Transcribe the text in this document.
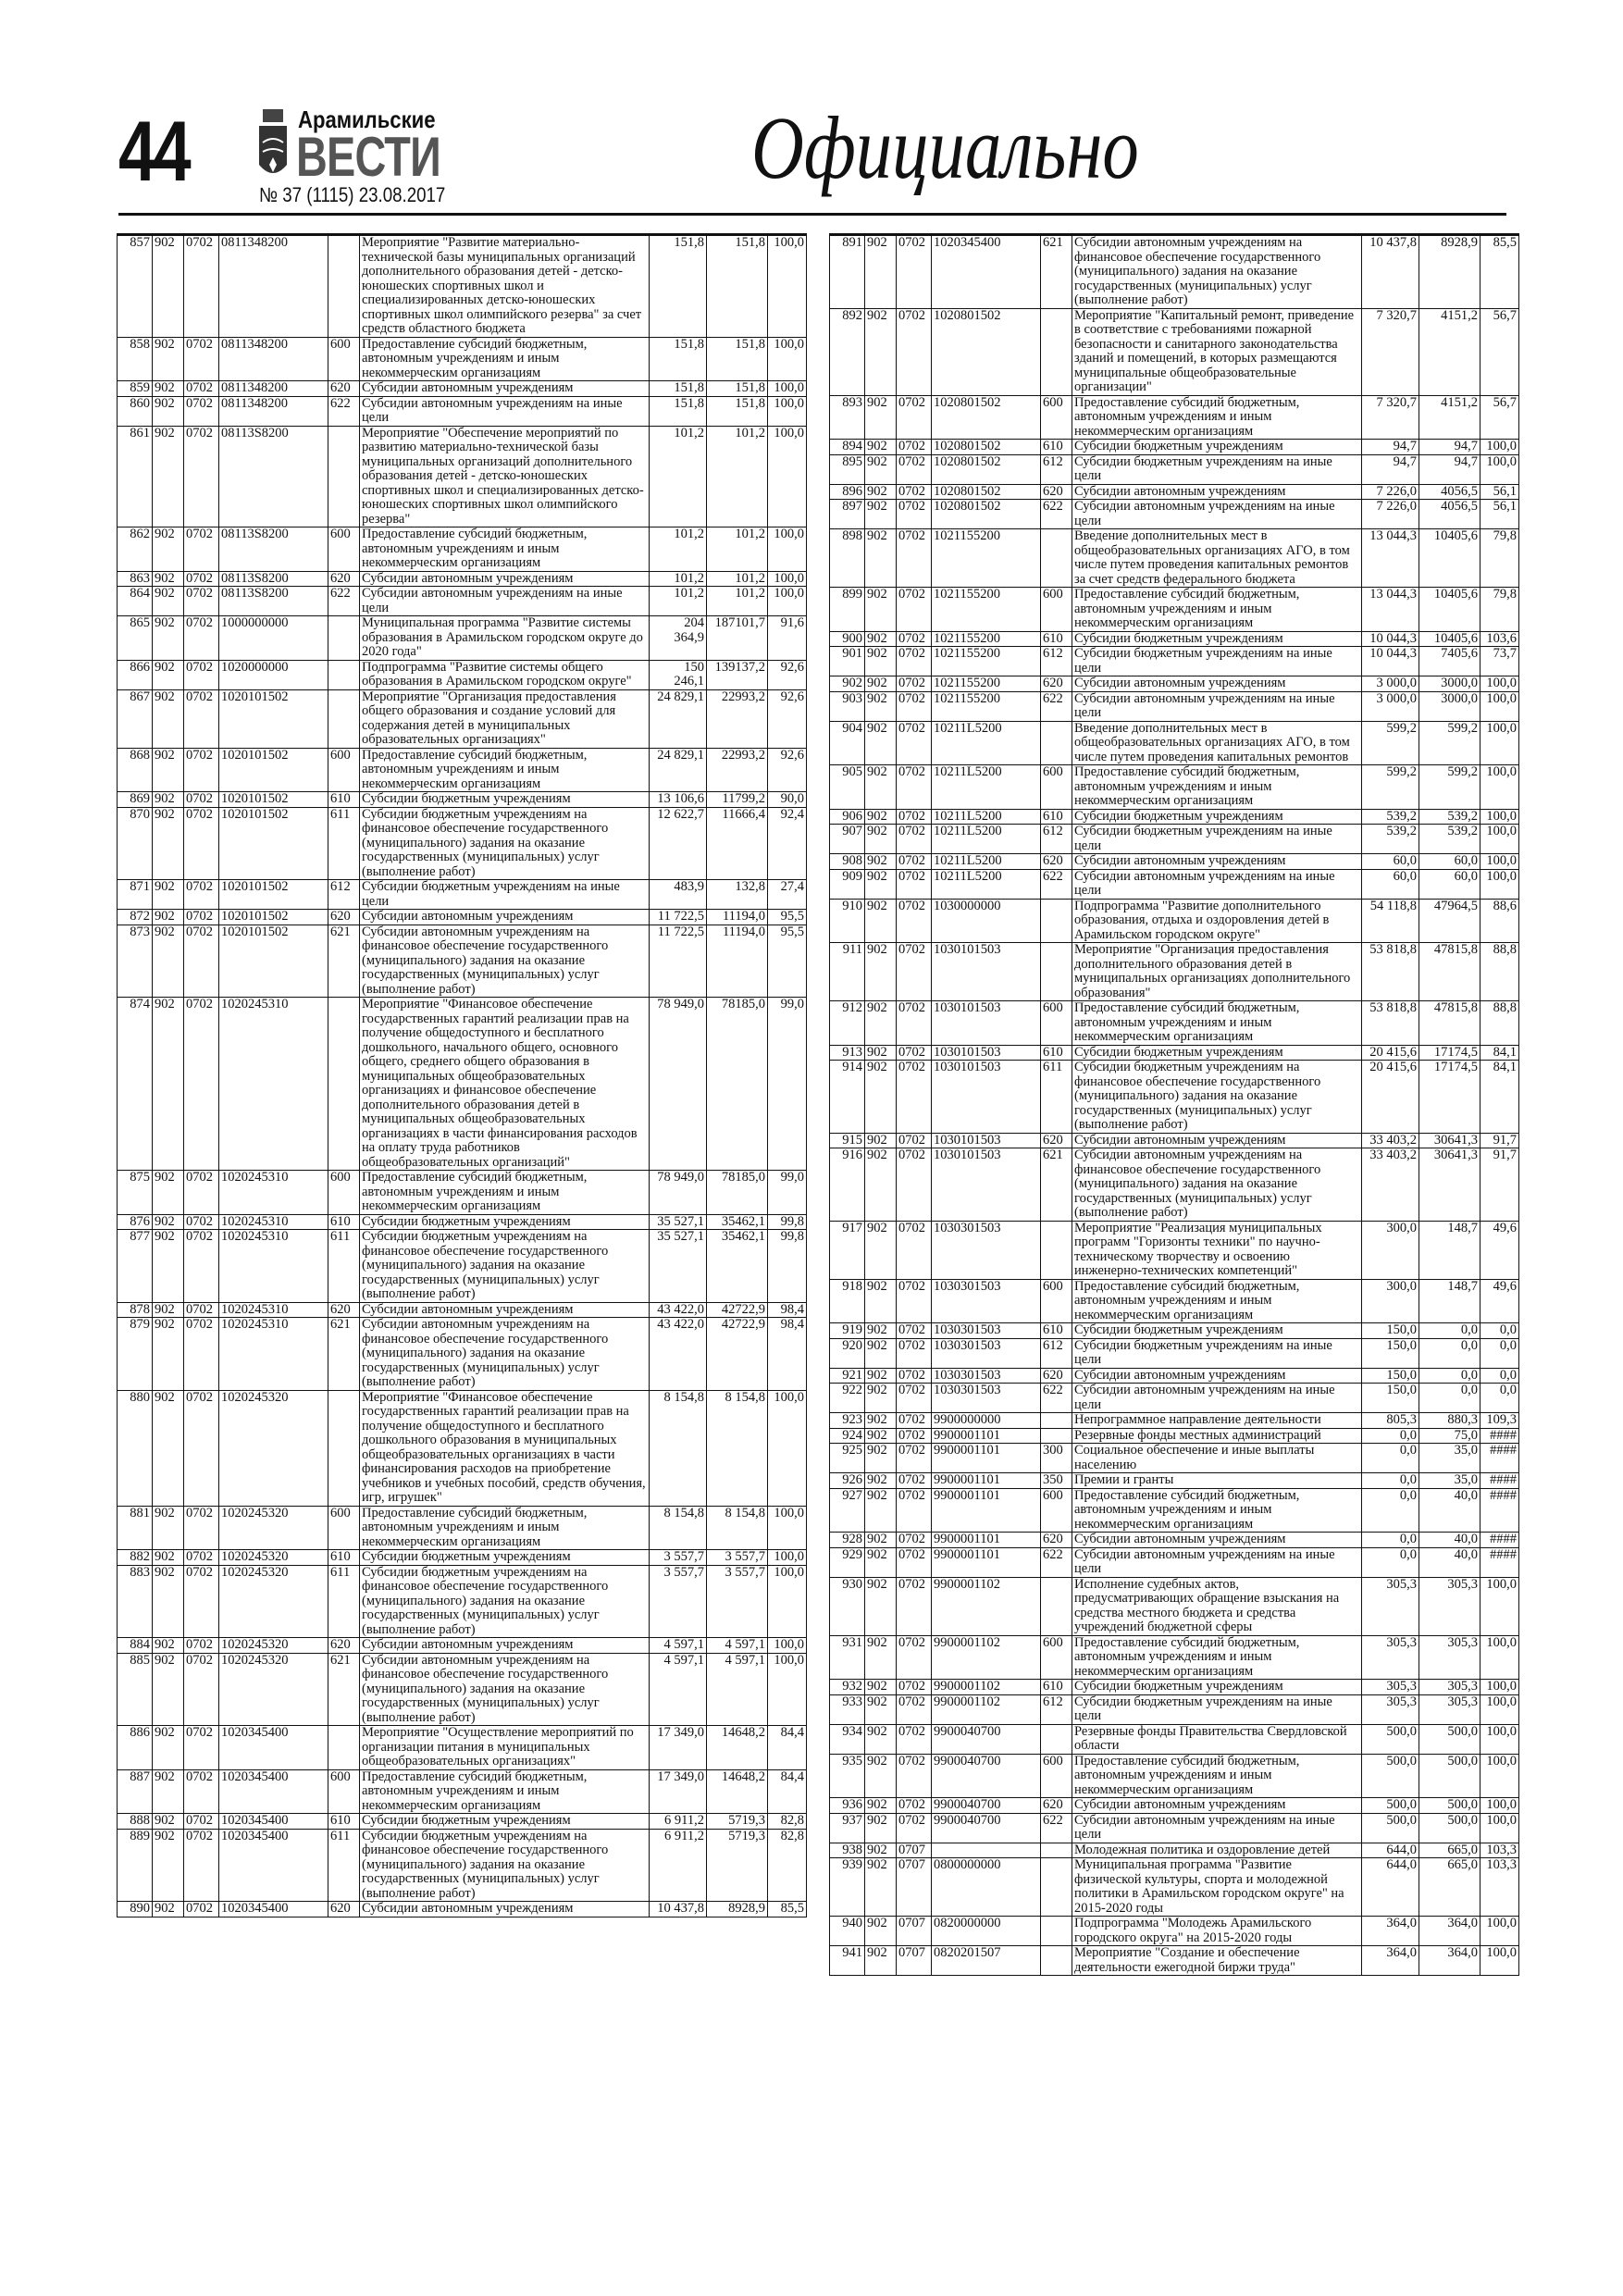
44	Арамильские
ВЕСТИ
№ 37 (1115) 23.08.2017	Официально
857	902	0702	0811348200		Мероприятие "Развитие материально-технической базы муниципальных организаций дополнительного образования детей - детско-юношеских спортивных школ и специализированных детско-юношеских спортивных школ олимпийского резерва" за счет средств областного бюджета	151,8	151,8	100,0
858	902	0702	0811348200	600	Предоставление субсидий бюджетным, автономным учреждениям и иным некоммерческим организациям	151,8	151,8	100,0
859	902	0702	0811348200	620	Субсидии автономным учреждениям	151,8	151,8	100,0
860	902	0702	0811348200	622	Субсидии автономным учреждениям на иные цели	151,8	151,8	100,0
861	902	0702	08113S8200		Мероприятие "Обеспечение мероприятий по развитию материально-технической базы муниципальных организаций дополнительного образования детей - детско-юношеских спортивных школ и специализированных детско-юношеских спортивных школ олимпийского резерва"	101,2	101,2	100,0
862	902	0702	08113S8200	600	Предоставление субсидий бюджетным, автономным учреждениям и иным некоммерческим организациям	101,2	101,2	100,0
863	902	0702	08113S8200	620	Субсидии автономным учреждениям	101,2	101,2	100,0
864	902	0702	08113S8200	622	Субсидии автономным учреждениям на иные цели	101,2	101,2	100,0
865	902	0702	1000000000		Муниципальная программа "Развитие системы образования в Арамильском городском округе до 2020 года"	204 364,9	187101,7	91,6
866	902	0702	1020000000		Подпрограмма "Развитие системы общего образования в Арамильском городском округе"	150 246,1	139137,2	92,6
867	902	0702	1020101502		Мероприятие "Организация предоставления общего образования и создание условий для содержания детей в муниципальных образовательных организациях"	24 829,1	22993,2	92,6
868	902	0702	1020101502	600	Предоставление субсидий бюджетным, автономным учреждениям и иным некоммерческим организациям	24 829,1	22993,2	92,6
869	902	0702	1020101502	610	Субсидии бюджетным учреждениям	13 106,6	11799,2	90,0
870	902	0702	1020101502	611	Субсидии бюджетным учреждениям на финансовое обеспечение государственного (муниципального) задания на оказание государственных (муниципальных) услуг (выполнение работ)	12 622,7	11666,4	92,4
871	902	0702	1020101502	612	Субсидии бюджетным учреждениям на иные цели	483,9	132,8	27,4
872	902	0702	1020101502	620	Субсидии автономным учреждениям	11 722,5	11194,0	95,5
873	902	0702	1020101502	621	Субсидии автономным учреждениям на финансовое обеспечение государственного (муниципального) задания на оказание государственных (муниципальных) услуг (выполнение работ)	11 722,5	11194,0	95,5
874	902	0702	1020245310		Мероприятие "Финансовое обеспечение государственных гарантий реализации прав на получение общедоступного и бесплатного дошкольного, начального общего, основного общего, среднего общего образования в муниципальных общеобразовательных организациях и финансовое обеспечение дополнительного образования детей в муниципальных общеобразовательных организациях в части финансирования расходов на оплату труда работников общеобразовательных организаций"	78 949,0	78185,0	99,0
875	902	0702	1020245310	600	Предоставление субсидий бюджетным, автономным учреждениям и иным некоммерческим организациям	78 949,0	78185,0	99,0
876	902	0702	1020245310	610	Субсидии бюджетным учреждениям	35 527,1	35462,1	99,8
877	902	0702	1020245310	611	Субсидии бюджетным учреждениям на финансовое обеспечение государственного (муниципального) задания на оказание государственных (муниципальных) услуг (выполнение работ)	35 527,1	35462,1	99,8
878	902	0702	1020245310	620	Субсидии автономным учреждениям	43 422,0	42722,9	98,4
879	902	0702	1020245310	621	Субсидии автономным учреждениям на финансовое обеспечение государственного (муниципального) задания на оказание государственных (муниципальных) услуг (выполнение работ)	43 422,0	42722,9	98,4
880	902	0702	1020245320		Мероприятие "Финансовое обеспечение государственных гарантий реализации прав на получение общедоступного и бесплатного дошкольного образования в муниципальных общеобразовательных организациях в части финансирования расходов на приобретение учебников и учебных пособий, средств обучения, игр, игрушек"	8 154,8	8 154,8	100,0
881	902	0702	1020245320	600	Предоставление субсидий бюджетным, автономным учреждениям и иным некоммерческим организациям	8 154,8	8 154,8	100,0
882	902	0702	1020245320	610	Субсидии бюджетным учреждениям	3 557,7	3 557,7	100,0
883	902	0702	1020245320	611	Субсидии бюджетным учреждениям на финансовое обеспечение государственного (муниципального) задания на оказание государственных (муниципальных) услуг (выполнение работ)	3 557,7	3 557,7	100,0
884	902	0702	1020245320	620	Субсидии автономным учреждениям	4 597,1	4 597,1	100,0
885	902	0702	1020245320	621	Субсидии автономным учреждениям на финансовое обеспечение государственного (муниципального) задания на оказание государственных (муниципальных) услуг (выполнение работ)	4 597,1	4 597,1	100,0
886	902	0702	1020345400		Мероприятие "Осуществление мероприятий по организации питания в муниципальных общеобразовательных организациях"	17 349,0	14648,2	84,4
887	902	0702	1020345400	600	Предоставление субсидий бюджетным, автономным учреждениям и иным некоммерческим организациям	17 349,0	14648,2	84,4
888	902	0702	1020345400	610	Субсидии бюджетным учреждениям	6 911,2	5719,3	82,8
889	902	0702	1020345400	611	Субсидии бюджетным учреждениям на финансовое обеспечение государственного (муниципального) задания на оказание государственных (муниципальных) услуг (выполнение работ)	6 911,2	5719,3	82,8
890	902	0702	1020345400	620	Субсидии автономным учреждениям	10 437,8	8928,9	85,5
891	902	0702	1020345400	621	Субсидии автономным учреждениям на финансовое обеспечение государственного (муниципального) задания на оказание государственных (муниципальных) услуг (выполнение работ)	10 437,8	8928,9	85,5
892	902	0702	1020801502		Мероприятие "Капитальный ремонт, приведение в соответствие с требованиями пожарной безопасности и санитарного законодательства зданий и помещений, в которых размещаются муниципальные общеобразовательные организации"	7 320,7	4151,2	56,7
893	902	0702	1020801502	600	Предоставление субсидий бюджетным, автономным учреждениям и иным некоммерческим организациям	7 320,7	4151,2	56,7
894	902	0702	1020801502	610	Субсидии бюджетным учреждениям	94,7	94,7	100,0
895	902	0702	1020801502	612	Субсидии бюджетным учреждениям на иные цели	94,7	94,7	100,0
896	902	0702	1020801502	620	Субсидии автономным учреждениям	7 226,0	4056,5	56,1
897	902	0702	1020801502	622	Субсидии автономным учреждениям на иные цели	7 226,0	4056,5	56,1
898	902	0702	1021155200		Введение дополнительных мест в общеобразовательных организациях АГО, в том числе путем проведения капитальных ремонтов за счет средств федерального бюджета	13 044,3	10405,6	79,8
899	902	0702	1021155200	600	Предоставление субсидий бюджетным, автономным учреждениям и иным некоммерческим организациям	13 044,3	10405,6	79,8
900	902	0702	1021155200	610	Субсидии бюджетным учреждениям	10 044,3	10405,6	103,6
901	902	0702	1021155200	612	Субсидии бюджетным учреждениям на иные цели	10 044,3	7405,6	73,7
902	902	0702	1021155200	620	Субсидии автономным учреждениям	3 000,0	3000,0	100,0
903	902	0702	1021155200	622	Субсидии автономным учреждениям на иные цели	3 000,0	3000,0	100,0
904	902	0702	10211L5200		Введение дополнительных мест в общеобразовательных организациях АГО, в том числе путем проведения капитальных ремонтов	599,2	599,2	100,0
905	902	0702	10211L5200	600	Предоставление субсидий бюджетным, автономным учреждениям и иным некоммерческим организациям	599,2	599,2	100,0
906	902	0702	10211L5200	610	Субсидии бюджетным учреждениям	539,2	539,2	100,0
907	902	0702	10211L5200	612	Субсидии бюджетным учреждениям на иные цели	539,2	539,2	100,0
908	902	0702	10211L5200	620	Субсидии автономным учреждениям	60,0	60,0	100,0
909	902	0702	10211L5200	622	Субсидии автономным учреждениям на иные цели	60,0	60,0	100,0
910	902	0702	1030000000		Подпрограмма "Развитие дополнительного образования, отдыха и оздоровления детей в Арамильском городском округе"	54 118,8	47964,5	88,6
911	902	0702	1030101503		Мероприятие "Организация предоставления дополнительного образования детей в муниципальных организациях дополнительного образования"	53 818,8	47815,8	88,8
912	902	0702	1030101503	600	Предоставление субсидий бюджетным, автономным учреждениям и иным некоммерческим организациям	53 818,8	47815,8	88,8
913	902	0702	1030101503	610	Субсидии бюджетным учреждениям	20 415,6	17174,5	84,1
914	902	0702	1030101503	611	Субсидии бюджетным учреждениям на финансовое обеспечение государственного (муниципального) задания на оказание государственных (муниципальных) услуг (выполнение работ)	20 415,6	17174,5	84,1
915	902	0702	1030101503	620	Субсидии автономным учреждениям	33 403,2	30641,3	91,7
916	902	0702	1030101503	621	Субсидии автономным учреждениям на финансовое обеспечение государственного (муниципального) задания на оказание государственных (муниципальных) услуг (выполнение работ)	33 403,2	30641,3	91,7
917	902	0702	1030301503		Мероприятие "Реализация муниципальных программ "Горизонты техники" по научно-техническому творчеству и освоению инженерно-технических компетенций"	300,0	148,7	49,6
918	902	0702	1030301503	600	Предоставление субсидий бюджетным, автономным учреждениям и иным некоммерческим организациям	300,0	148,7	49,6
919	902	0702	1030301503	610	Субсидии бюджетным учреждениям	150,0	0,0	0,0
920	902	0702	1030301503	612	Субсидии бюджетным учреждениям на иные цели	150,0	0,0	0,0
921	902	0702	1030301503	620	Субсидии автономным учреждениям	150,0	0,0	0,0
922	902	0702	1030301503	622	Субсидии автономным учреждениям на иные цели	150,0	0,0	0,0
923	902	0702	9900000000		Непрограммное направление деятельности	805,3	880,3	109,3
924	902	0702	9900001101		Резервные фонды местных администраций	0,0	75,0	####
925	902	0702	9900001101	300	Социальное обеспечение и иные выплаты населению	0,0	35,0	####
926	902	0702	9900001101	350	Премии и гранты	0,0	35,0	####
927	902	0702	9900001101	600	Предоставление субсидий бюджетным, автономным учреждениям и иным некоммерческим организациям	0,0	40,0	####
928	902	0702	9900001101	620	Субсидии автономным учреждениям	0,0	40,0	####
929	902	0702	9900001101	622	Субсидии автономным учреждениям на иные цели	0,0	40,0	####
930	902	0702	9900001102		Исполнение судебных актов, предусматривающих обращение взыскания на средства местного бюджета и средства учреждений бюджетной сферы	305,3	305,3	100,0
931	902	0702	9900001102	600	Предоставление субсидий бюджетным, автономным учреждениям и иным некоммерческим организациям	305,3	305,3	100,0
932	902	0702	9900001102	610	Субсидии бюджетным учреждениям	305,3	305,3	100,0
933	902	0702	9900001102	612	Субсидии бюджетным учреждениям на иные цели	305,3	305,3	100,0
934	902	0702	9900040700		Резервные фонды Правительства Свердловской области	500,0	500,0	100,0
935	902	0702	9900040700	600	Предоставление субсидий бюджетным, автономным учреждениям и иным некоммерческим организациям	500,0	500,0	100,0
936	902	0702	9900040700	620	Субсидии автономным учреждениям	500,0	500,0	100,0
937	902	0702	9900040700	622	Субсидии автономным учреждениям на иные цели	500,0	500,0	100,0
938	902	0707			Молодежная политика и оздоровление детей	644,0	665,0	103,3
939	902	0707	0800000000		Муниципальная программа "Развитие физической культуры, спорта и молодежной политики в Арамильском городском округе" на 2015-2020 годы	644,0	665,0	103,3
940	902	0707	0820000000		Подпрограмма "Молодежь Арамильского городского округа" на 2015-2020 годы	364,0	364,0	100,0
941	902	0707	0820201507		Мероприятие "Создание и обеспечение деятельности ежегодной биржи труда"	364,0	364,0	100,0
